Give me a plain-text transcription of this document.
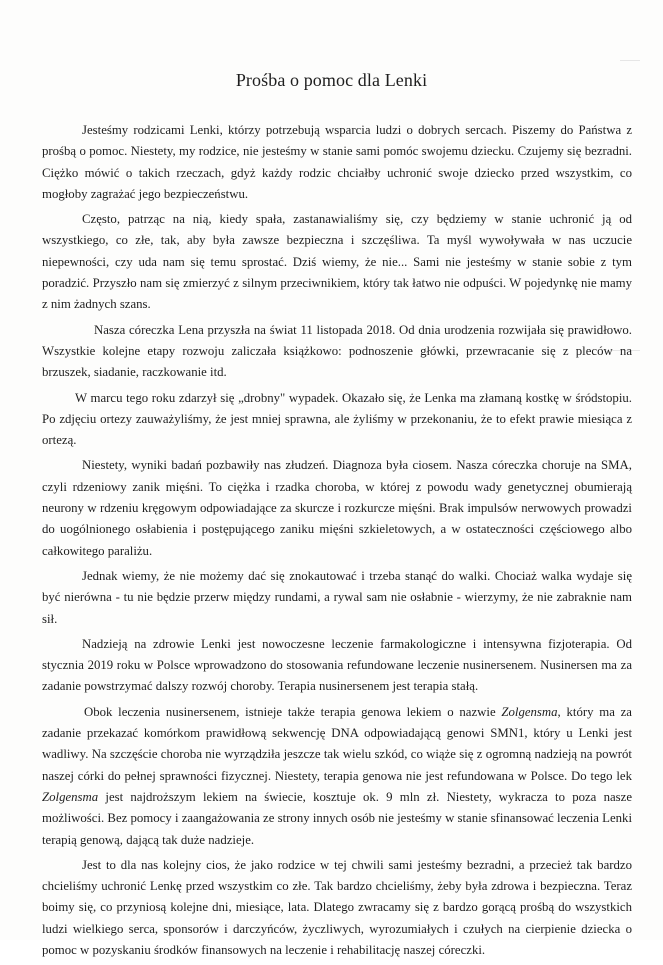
Prośba o pomoc dla Lenki

Jesteśmy rodzicami Lenki, którzy potrzebują wsparcia ludzi o dobrych sercach. Piszemy do Państwa z prośbą o pomoc. Niestety, my rodzice, nie jesteśmy w stanie sami pomóc swojemu dziecku. Czujemy się bezradni. Ciężko mówić o takich rzeczach, gdyż każdy rodzic chciałby uchronić swoje dziecko przed wszystkim, co mogłoby zagrażać jego bezpieczeństwu.

Często, patrząc na nią, kiedy spała, zastanawialiśmy się, czy będziemy w stanie uchronić ją od wszystkiego, co złe, tak, aby była zawsze bezpieczna i szczęśliwa. Ta myśl wywoływała w nas uczucie niepewności, czy uda nam się temu sprostać. Dziś wiemy, że nie... Sami nie jesteśmy w stanie sobie z tym poradzić. Przyszło nam się zmierzyć z silnym przeciwnikiem, który tak łatwo nie odpuści. W pojedynkę nie mamy z nim żadnych szans.

Nasza córeczka Lena przyszła na świat 11 listopada 2018. Od dnia urodzenia rozwijała się prawidłowo. Wszystkie kolejne etapy rozwoju zaliczała książkowo: podnoszenie główki, przewracanie się z pleców na brzuszek, siadanie, raczkowanie itd.

W marcu tego roku zdarzył się „drobny" wypadek. Okazało się, że Lenka ma złamaną kostkę w śródstopiu. Po zdjęciu ortezy zauważyliśmy, że jest mniej sprawna, ale żyliśmy w przekonaniu, że to efekt prawie miesiąca z ortezą.

Niestety, wyniki badań pozbawiły nas złudzeń. Diagnoza była ciosem. Nasza córeczka choruje na SMA, czyli rdzeniowy zanik mięśni. To ciężka i rzadka choroba, w której z powodu wady genetycznej obumierają neurony w rdzeniu kręgowym odpowiadające za skurcze i rozkurcze mięśni. Brak impulsów nerwowych prowadzi do uogólnionego osłabienia i postępującego zaniku mięśni szkieletowych, a w ostateczności częściowego albo całkowitego paraliżu.

Jednak wiemy, że nie możemy dać się znokautować i trzeba stanąć do walki. Chociaż walka wydaje się być nierówna - tu nie będzie przerw między rundami, a rywal sam nie osłabnie - wierzymy, że nie zabraknie nam sił.

Nadzieją na zdrowie Lenki jest nowoczesne leczenie farmakologiczne i intensywna fizjoterapia. Od stycznia 2019 roku w Polsce wprowadzono do stosowania refundowane leczenie nusinersenem. Nusinersen ma za zadanie powstrzymać dalszy rozwój choroby. Terapia nusinersenem jest terapia stałą.

Obok leczenia nusinersenem, istnieje także terapia genowa lekiem o nazwie Zolgensma, który ma za zadanie przekazać komórkom prawidłową sekwencję DNA odpowiadającą genowi SMN1, który u Lenki jest wadliwy. Na szczęście choroba nie wyrządziła jeszcze tak wielu szkód, co wiąże się z ogromną nadzieją na powrót naszej córki do pełnej sprawności fizycznej. Niestety, terapia genowa nie jest refundowana w Polsce. Do tego lek Zolgensma jest najdroższym lekiem na świecie, kosztuje ok. 9 mln zł. Niestety, wykracza to poza nasze możliwości. Bez pomocy i zaangażowania ze strony innych osób nie jesteśmy w stanie sfinansować leczenia Lenki terapią genową, dającą tak duże nadzieje.

Jest to dla nas kolejny cios, że jako rodzice w tej chwili sami jesteśmy bezradni, a przecież tak bardzo chcieliśmy uchronić Lenkę przed wszystkim co złe. Tak bardzo chcieliśmy, żeby była zdrowa i bezpieczna. Teraz boimy się, co przyniosą kolejne dni, miesiące, lata. Dlatego zwracamy się z bardzo gorącą prośbą do wszystkich ludzi wielkiego serca, sponsorów i darczyńców, życzliwych, wyrozumiałych i czułych na cierpienie dziecka o pomoc w pozyskaniu środków finansowych na leczenie i rehabilitację naszej córeczki.
